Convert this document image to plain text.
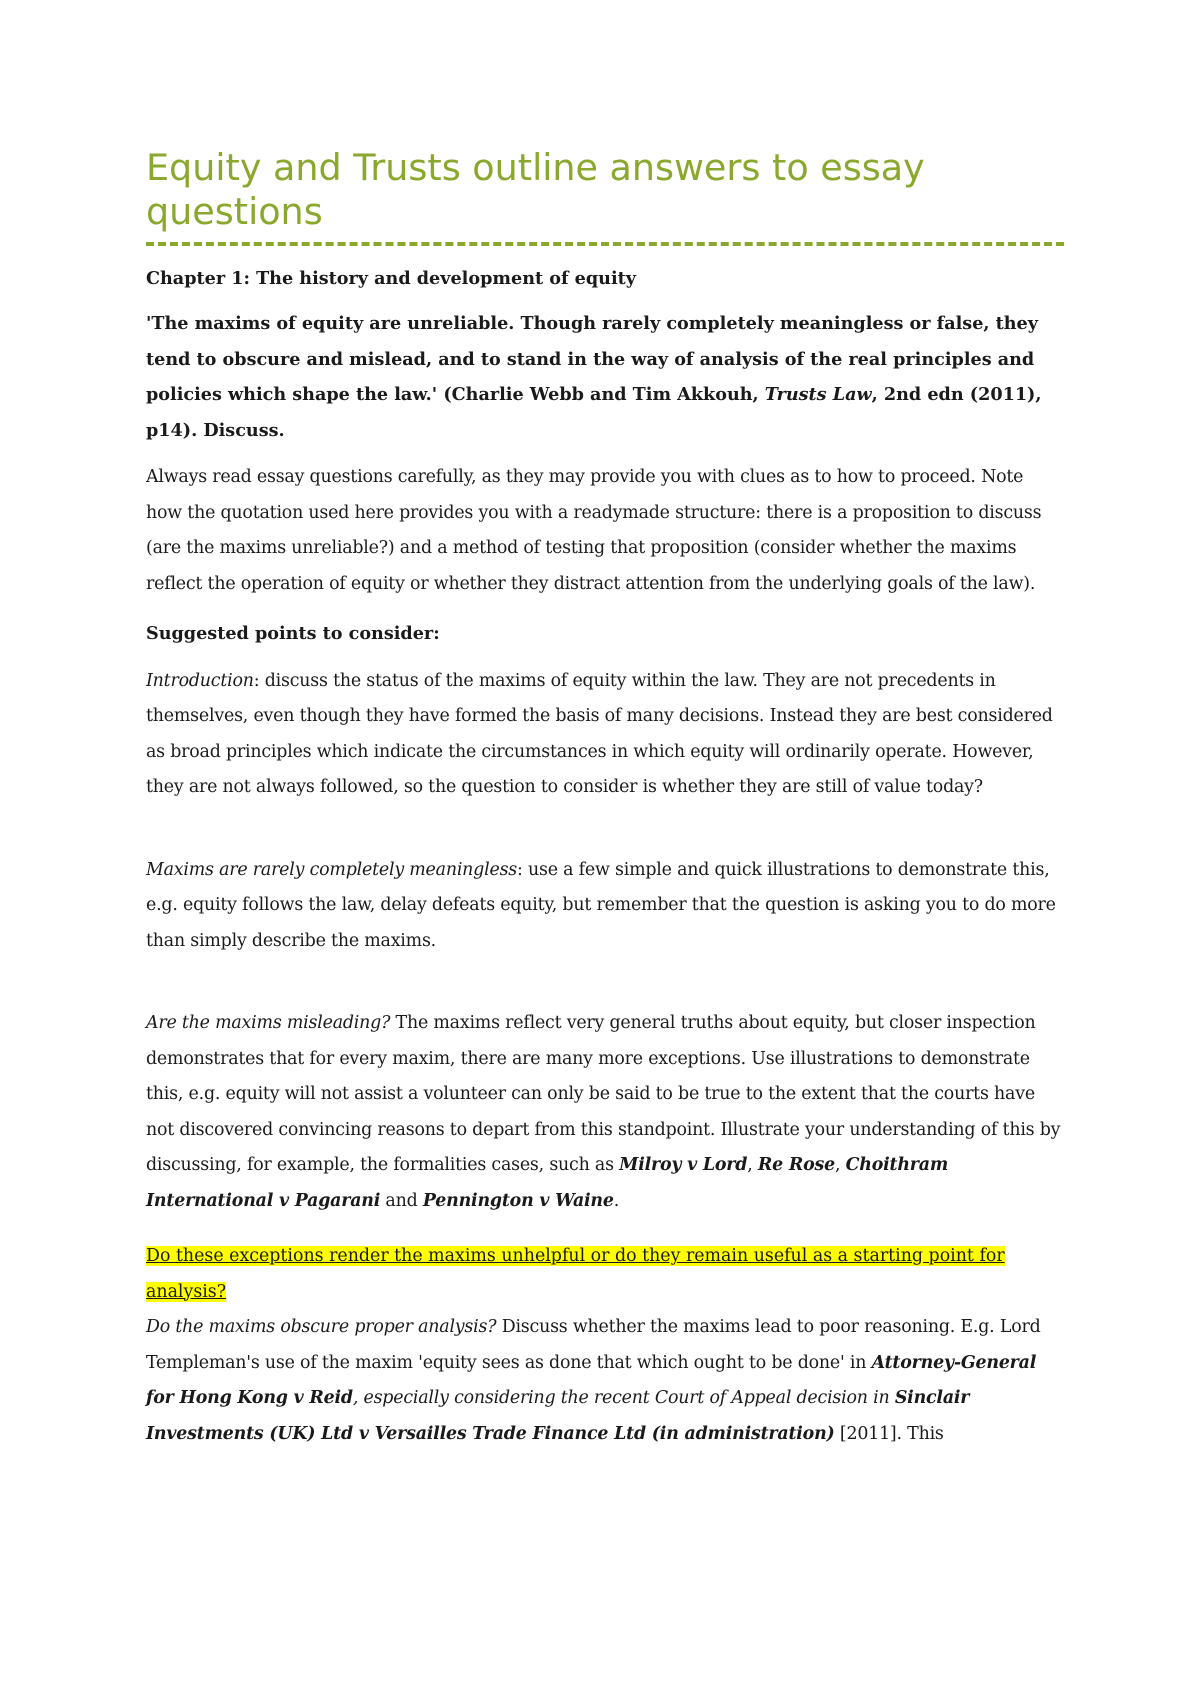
Equity and Trusts outline answers to essay questions

Chapter 1: The history and development of equity

'The maxims of equity are unreliable. Though rarely completely meaningless or false, they tend to obscure and mislead, and to stand in the way of analysis of the real principles and policies which shape the law.' (Charlie Webb and Tim Akkouh, Trusts Law, 2nd edn (2011), p14). Discuss.

Always read essay questions carefully, as they may provide you with clues as to how to proceed. Note how the quotation used here provides you with a readymade structure: there is a proposition to discuss (are the maxims unreliable?) and a method of testing that proposition (consider whether the maxims reflect the operation of equity or whether they distract attention from the underlying goals of the law).

Suggested points to consider:

Introduction: discuss the status of the maxims of equity within the law. They are not precedents in themselves, even though they have formed the basis of many decisions. Instead they are best considered as broad principles which indicate the circumstances in which equity will ordinarily operate. However, they are not always followed, so the question to consider is whether they are still of value today?

Maxims are rarely completely meaningless: use a few simple and quick illustrations to demonstrate this, e.g. equity follows the law, delay defeats equity, but remember that the question is asking you to do more than simply describe the maxims.

Are the maxims misleading? The maxims reflect very general truths about equity, but closer inspection demonstrates that for every maxim, there are many more exceptions. Use illustrations to demonstrate this, e.g. equity will not assist a volunteer can only be said to be true to the extent that the courts have not discovered convincing reasons to depart from this standpoint. Illustrate your understanding of this by discussing, for example, the formalities cases, such as Milroy v Lord, Re Rose, Choithram International v Pagarani and Pennington v Waine.

Do these exceptions render the maxims unhelpful or do they remain useful as a starting point for analysis?

Do the maxims obscure proper analysis? Discuss whether the maxims lead to poor reasoning. E.g. Lord Templeman's use of the maxim 'equity sees as done that which ought to be done' in Attorney-General for Hong Kong v Reid, especially considering the recent Court of Appeal decision in Sinclair Investments (UK) Ltd v Versailles Trade Finance Ltd (in administration) [2011]. This
